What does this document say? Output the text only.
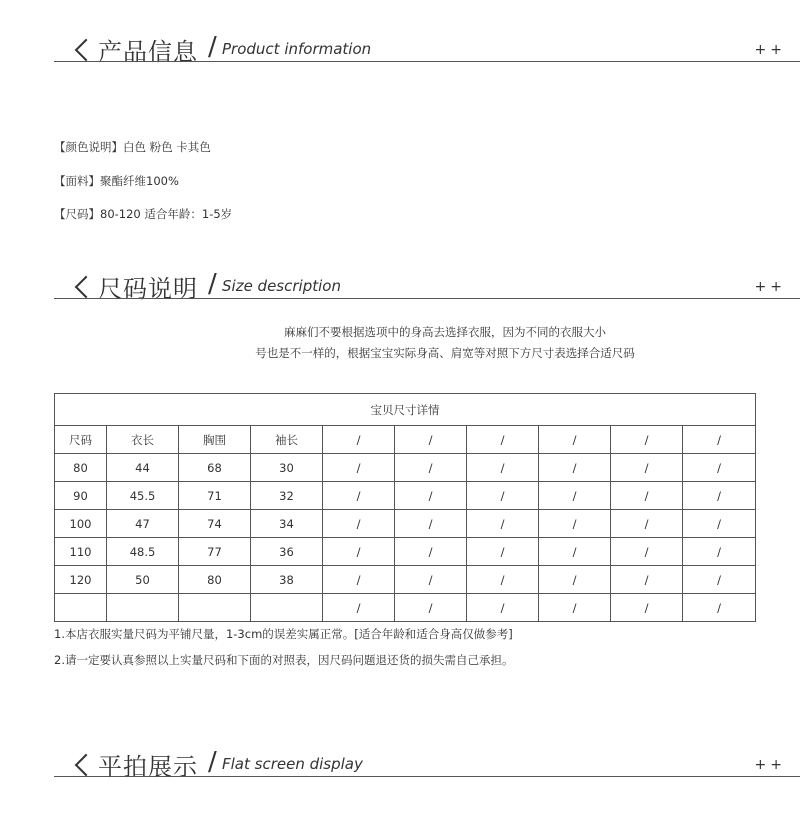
产品信息 / Product information	++
【颜色说明】白色 粉色 卡其色
【面料】聚酯纤维100%
【尺码】80-120 适合年龄：1-5岁
尺码说明 / Size description	++
麻麻们不要根据选项中的身高去选择衣服，因为不同的衣服大小
号也是不一样的，根据宝宝实际身高、肩宽等对照下方尺寸表选择合适尺码
宝贝尺寸详情									
尺码	衣长	胸围	袖长	/	/	/	/	/	/
80	44	68	30	/	/	/	/	/	/
90	45.5	71	32	/	/	/	/	/	/
100	47	74	34	/	/	/	/	/	/
110	48.5	77	36	/	/	/	/	/	/
120	50	80	38	/	/	/	/	/	/
				/	/	/	/	/	/
1.本店衣服实量尺码为平铺尺量，1-3cm的误差实属正常。[适合年龄和适合身高仅做参考]
2.请一定要认真参照以上实量尺码和下面的对照表，因尺码问题退还货的损失需自己承担。
平拍展示 / Flat screen display	++
